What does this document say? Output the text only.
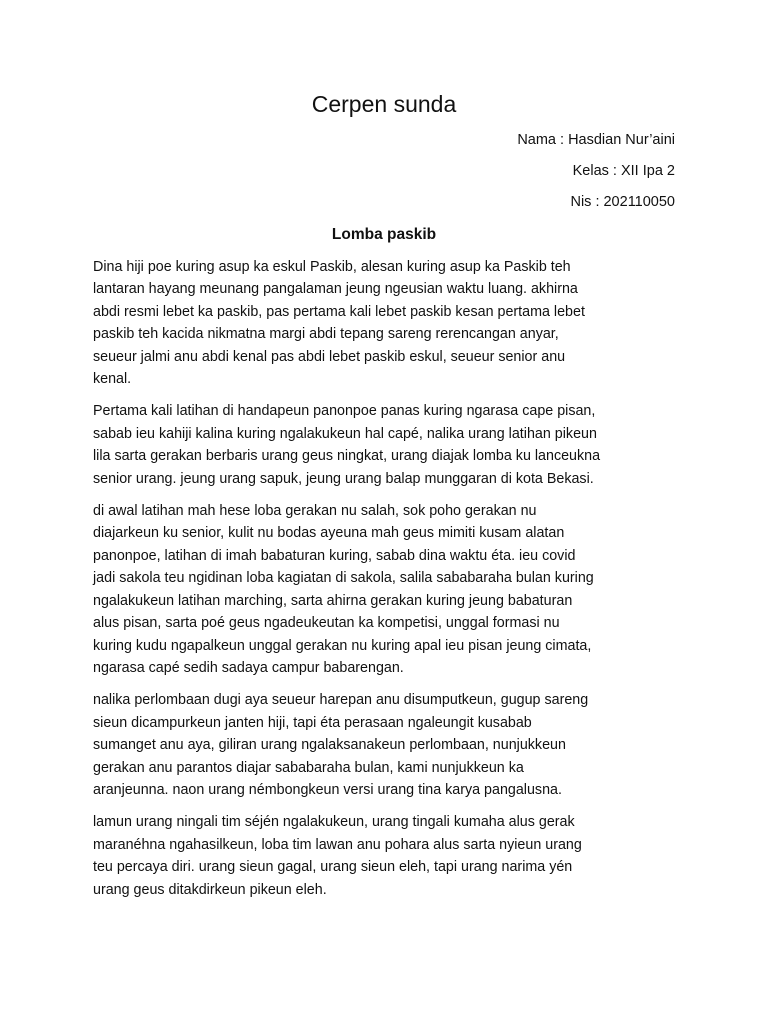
Cerpen sunda
Nama : Hasdian Nur’aini
Kelas : XII Ipa 2
Nis : 202110050
Lomba paskib

Dina hiji poe kuring asup ka eskul Paskib, alesan kuring asup ka Paskib teh
lantaran hayang meunang pangalaman jeung ngeusian waktu luang. akhirna
abdi resmi lebet ka paskib, pas pertama kali lebet paskib kesan pertama lebet
paskib teh kacida nikmatna margi abdi tepang sareng rerencangan anyar,
seueur jalmi anu abdi kenal pas abdi lebet paskib eskul, seueur senior anu
kenal.

Pertama kali latihan di handapeun panonpoe panas kuring ngarasa cape pisan,
sabab ieu kahiji kalina kuring ngalakukeun hal capé, nalika urang latihan pikeun
lila sarta gerakan berbaris urang geus ningkat, urang diajak lomba ku lanceukna
senior urang. jeung urang sapuk, jeung urang balap munggaran di kota Bekasi.

di awal latihan mah hese loba gerakan nu salah, sok poho gerakan nu
diajarkeun ku senior, kulit nu bodas ayeuna mah geus mimiti kusam alatan
panonpoe, latihan di imah babaturan kuring, sabab dina waktu éta. ieu covid
jadi sakola teu ngidinan loba kagiatan di sakola, salila sababaraha bulan kuring
ngalakukeun latihan marching, sarta ahirna gerakan kuring jeung babaturan
alus pisan, sarta poé geus ngadeukeutan ka kompetisi, unggal formasi nu
kuring kudu ngapalkeun unggal gerakan nu kuring apal ieu pisan jeung cimata,
ngarasa capé sedih sadaya campur babarengan.

nalika perlombaan dugi aya seueur harepan anu disumputkeun, gugup sareng
sieun dicampurkeun janten hiji, tapi éta perasaan ngaleungit kusabab
sumanget anu aya, giliran urang ngalaksanakeun perlombaan, nunjukkeun
gerakan anu parantos diajar sababaraha bulan, kami nunjukkeun ka
aranjeunna. naon urang némbongkeun versi urang tina karya pangalusna.

lamun urang ningali tim séjén ngalakukeun, urang tingali kumaha alus gerak
maranéhna ngahasilkeun, loba tim lawan anu pohara alus sarta nyieun urang
teu percaya diri. urang sieun gagal, urang sieun eleh, tapi urang narima yén
urang geus ditakdirkeun pikeun eleh.
